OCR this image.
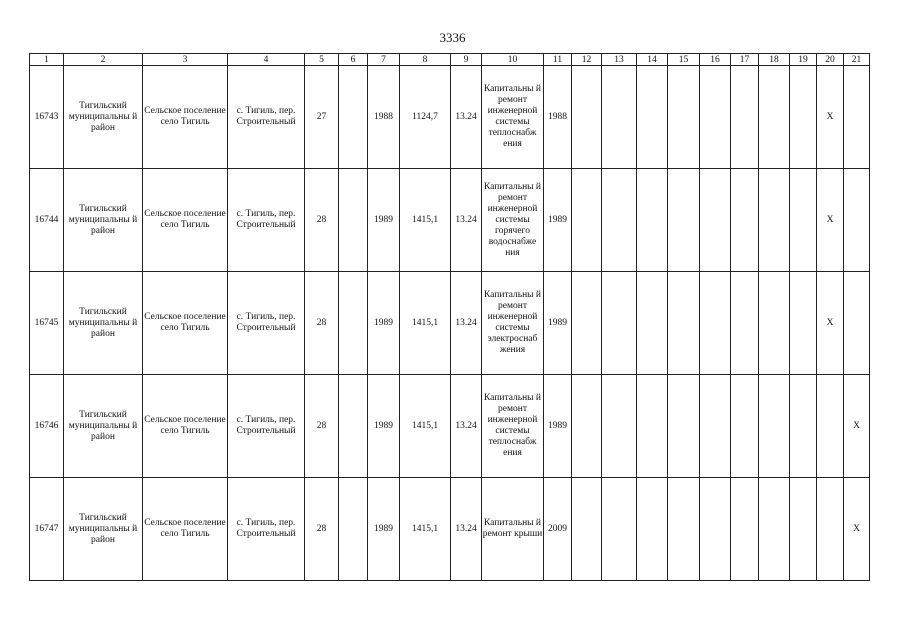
3336
1	2	3	4	5	6	7	8	9	10	11	12	13	14	15	16	17	18	19	20	21
16743	Тигильский муниципальны й район	Сельское поселение село Тигиль	с. Тигиль, пер. Строительный	27		1988	1124,7	13.24	Капитальны й ремонт инженерной системы теплоснабж ения	1988									Х	
16744	Тигильский муниципальны й район	Сельское поселение село Тигиль	с. Тигиль, пер. Строительный	28		1989	1415,1	13.24	Капитальны й ремонт инженерной системы горячего водоснабже ния	1989									Х	
16745	Тигильский муниципальны й район	Сельское поселение село Тигиль	с. Тигиль, пер. Строительный	28		1989	1415,1	13.24	Капитальны й ремонт инженерной системы электроснаб жения	1989									Х	
16746	Тигильский муниципальны й район	Сельское поселение село Тигиль	с. Тигиль, пер. Строительный	28		1989	1415,1	13.24	Капитальны й ремонт инженерной системы теплоснабж ения	1989										Х
16747	Тигильский муниципальны й район	Сельское поселение село Тигиль	с. Тигиль, пер. Строительный	28		1989	1415,1	13.24	Капитальны й ремонт крыши	2009										Х
